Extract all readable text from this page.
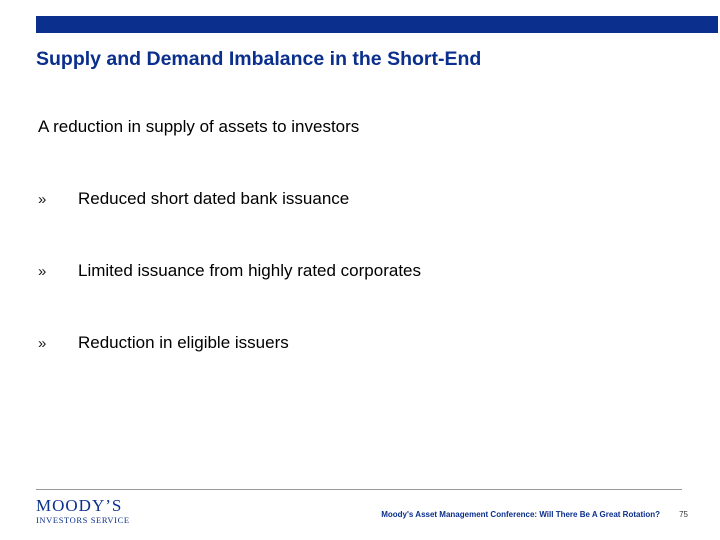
Supply and Demand Imbalance in the Short-End
A reduction in supply of assets to investors
»	Reduced short dated bank issuance
»	Limited issuance from highly rated corporates
»	Reduction in eligible issuers
MOODY’S
INVESTORS SERVICE
Moody's Asset Management Conference: Will There Be A Great Rotation?	75
